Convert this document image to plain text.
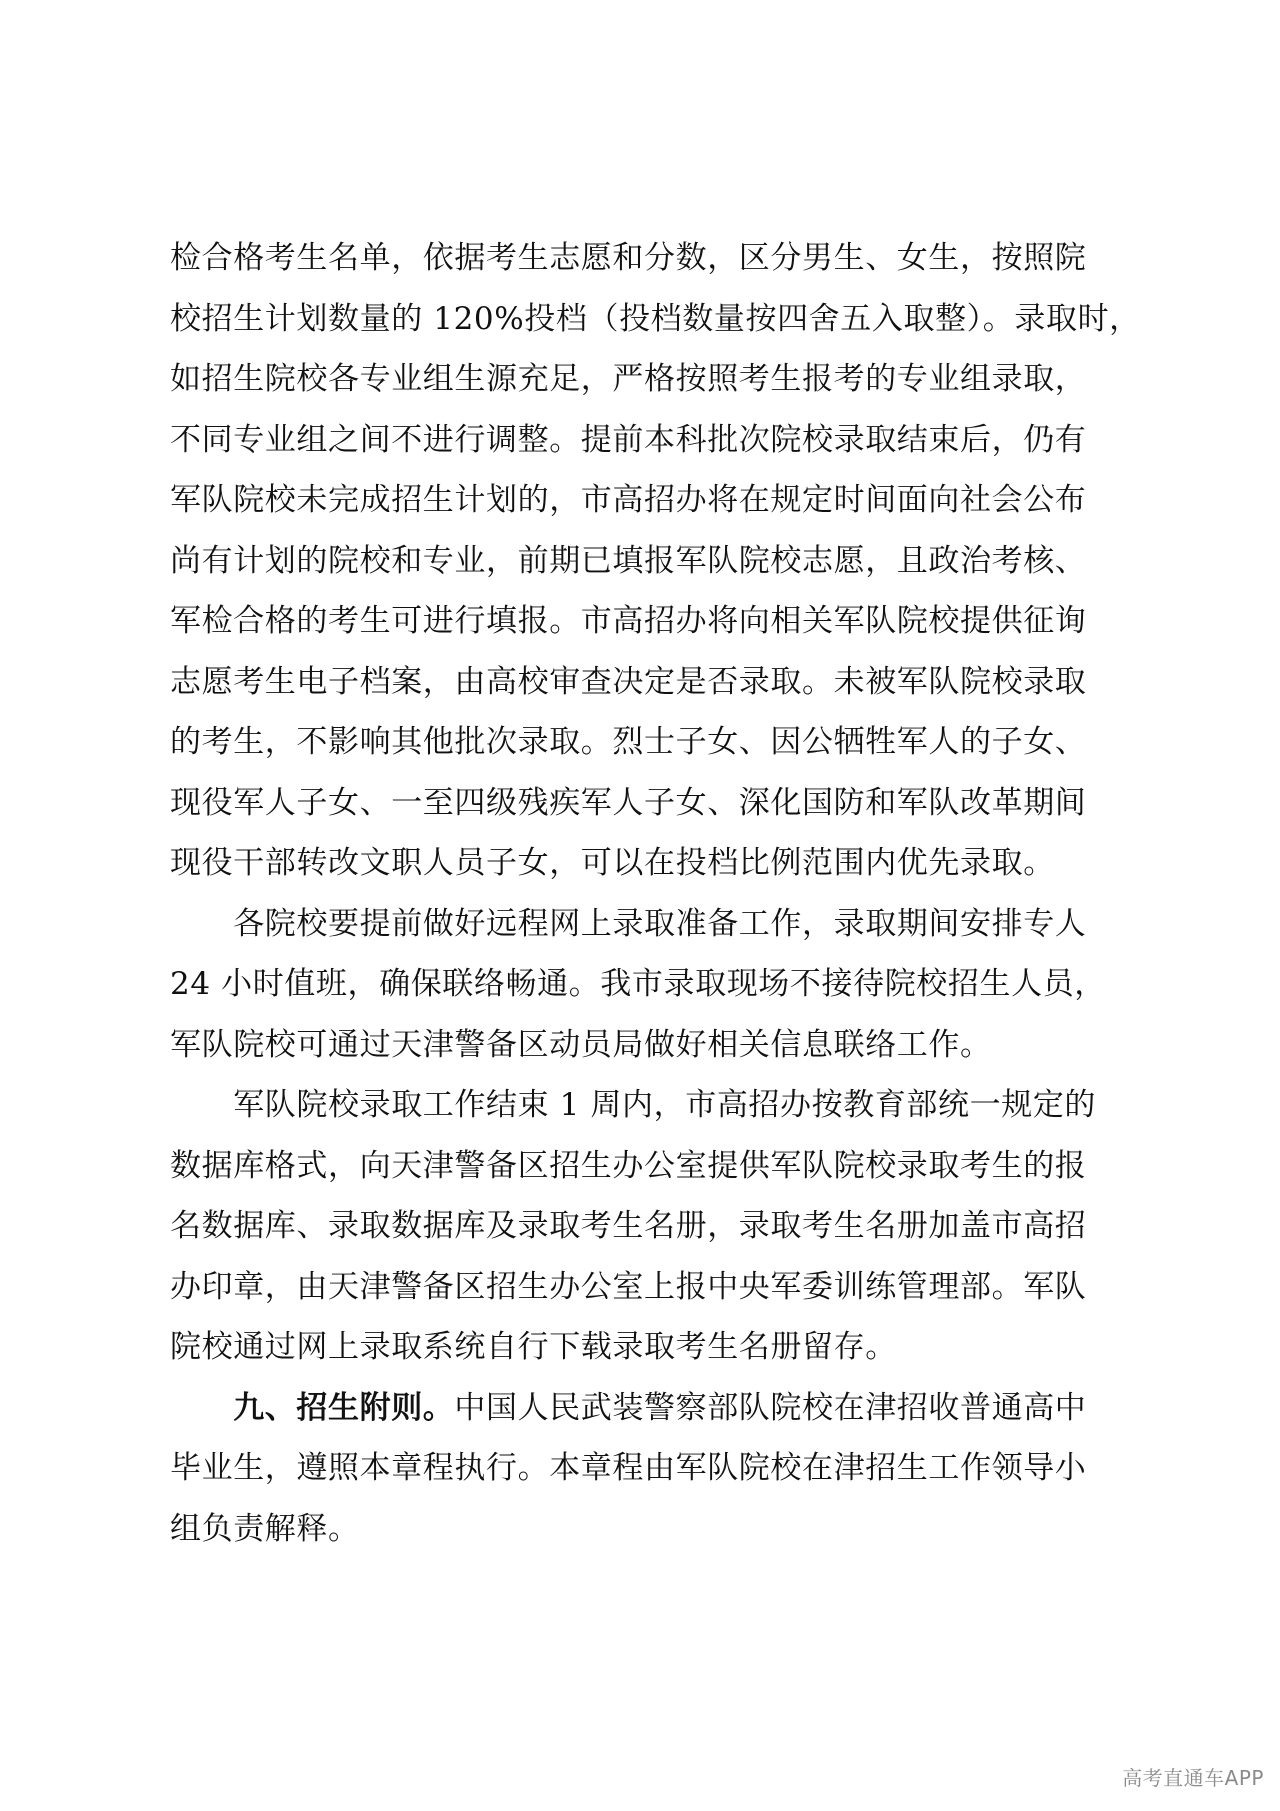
检合格考生名单，依据考生志愿和分数，区分男生、女生，按照院
校招生计划数量的 120%投档（投档数量按四舍五入取整）。录取时，
如招生院校各专业组生源充足，严格按照考生报考的专业组录取，
不同专业组之间不进行调整。提前本科批次院校录取结束后，仍有
军队院校未完成招生计划的，市高招办将在规定时间面向社会公布
尚有计划的院校和专业，前期已填报军队院校志愿，且政治考核、
军检合格的考生可进行填报。市高招办将向相关军队院校提供征询
志愿考生电子档案，由高校审查决定是否录取。未被军队院校录取
的考生，不影响其他批次录取。烈士子女、因公牺牲军人的子女、
现役军人子女、一至四级残疾军人子女、深化国防和军队改革期间
现役干部转改文职人员子女，可以在投档比例范围内优先录取。

　　各院校要提前做好远程网上录取准备工作，录取期间安排专人
24 小时值班，确保联络畅通。我市录取现场不接待院校招生人员，
军队院校可通过天津警备区动员局做好相关信息联络工作。

　　军队院校录取工作结束 1 周内，市高招办按教育部统一规定的
数据库格式，向天津警备区招生办公室提供军队院校录取考生的报
名数据库、录取数据库及录取考生名册，录取考生名册加盖市高招
办印章，由天津警备区招生办公室上报中央军委训练管理部。军队
院校通过网上录取系统自行下载录取考生名册留存。

　　九、招生附则。中国人民武装警察部队院校在津招收普通高中
毕业生，遵照本章程执行。本章程由军队院校在津招生工作领导小
组负责解释。

高考直通车APP
